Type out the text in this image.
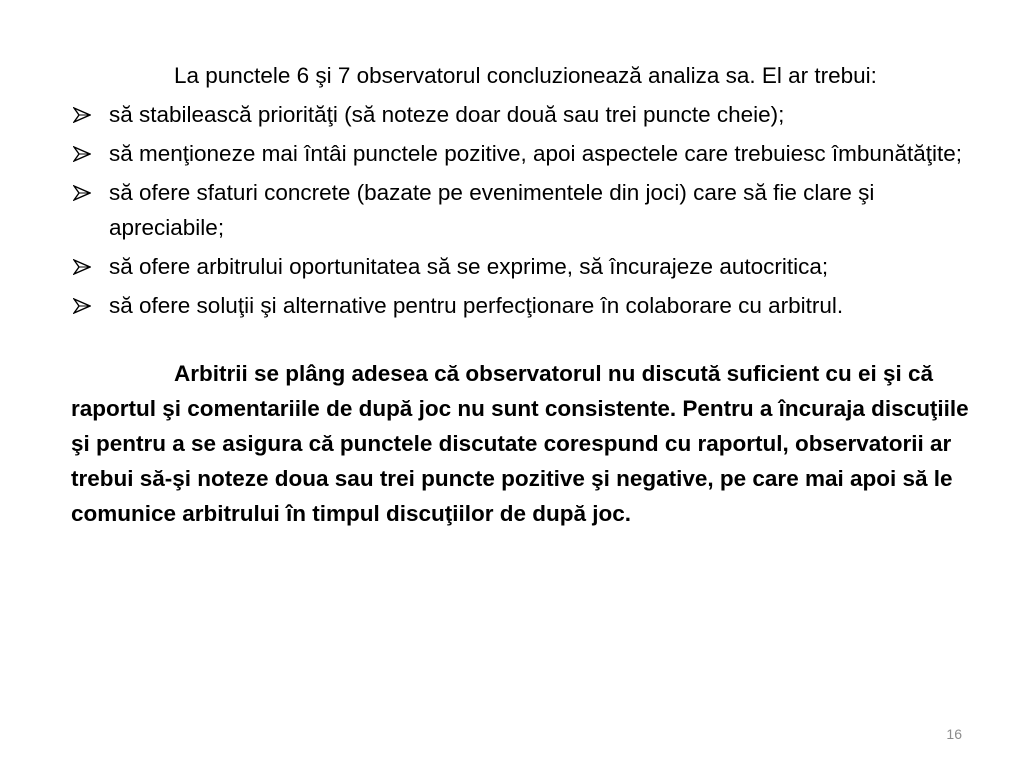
La punctele 6 şi 7 observatorul concluzionează analiza sa. El ar trebui:

să stabilească priorităţi (să noteze doar două sau trei puncte cheie);
să menţioneze mai întâi punctele pozitive, apoi aspectele care trebuiesc îmbunătăţite;
să ofere sfaturi concrete (bazate pe evenimentele din joci) care să fie clare şi apreciabile;
să ofere arbitrului oportunitatea să se exprime, să încurajeze autocritica;
să ofere soluţii şi alternative pentru perfecţionare în colaborare cu arbitrul.

Arbitrii se plâng adesea că observatorul nu discută suficient cu ei şi că raportul şi comentariile de după joc nu sunt consistente. Pentru a încuraja discuţiile şi pentru a se asigura că punctele discutate corespund cu raportul, observatorii ar trebui să-şi noteze doua sau trei puncte pozitive şi negative, pe care mai apoi să le comunice arbitrului în timpul discuţiilor de după joc.

16
